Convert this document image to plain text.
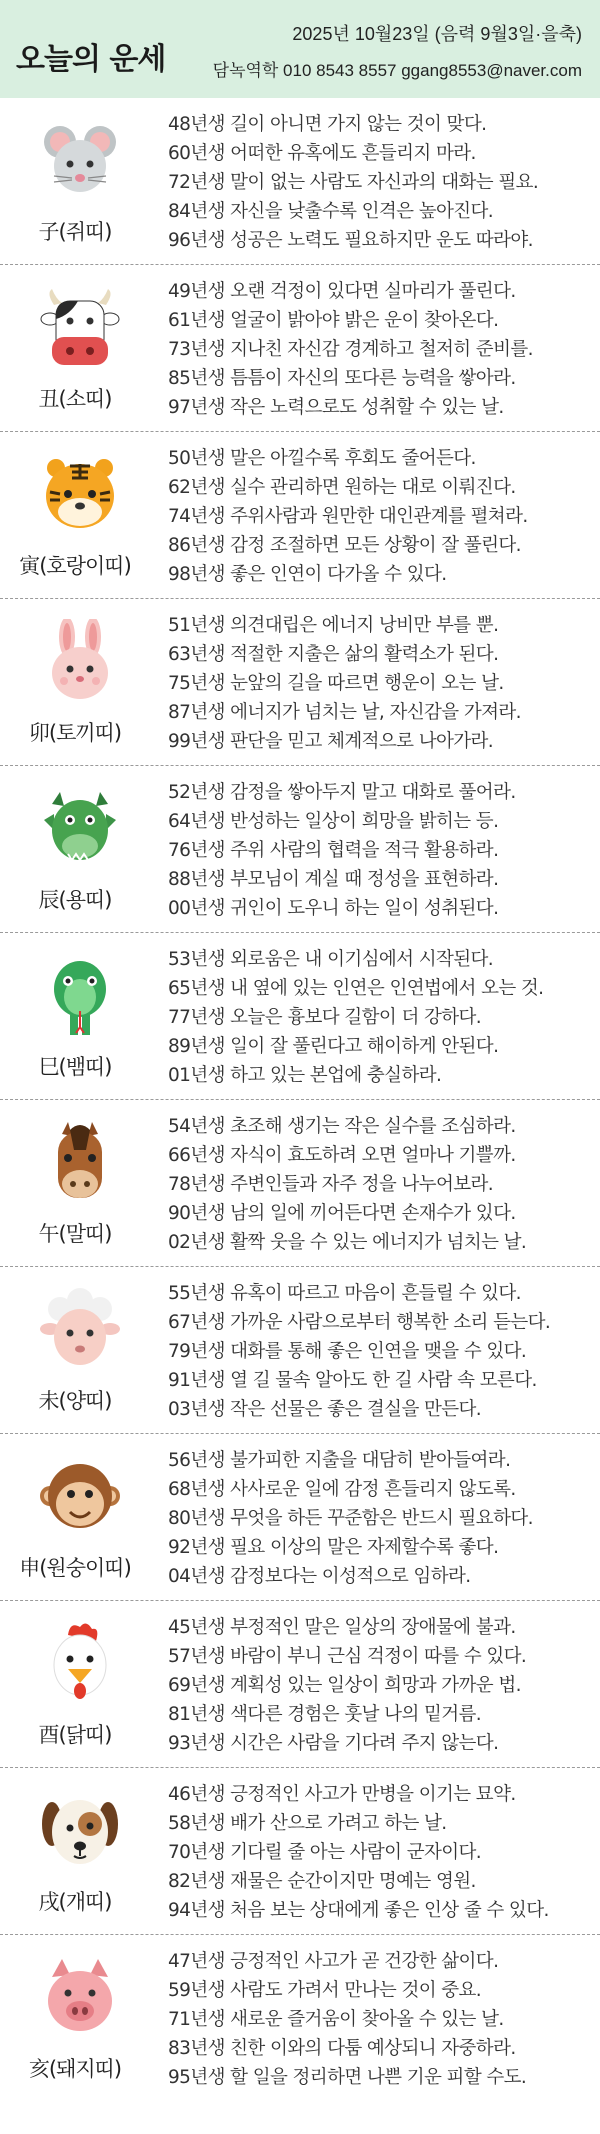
오늘의 운세
2025년 10월23일 (음력 9월3일·을축)
담녹역학 010 8543 8557 ggang8553@naver.com
子(쥐띠)
48년생 길이 아니면 가지 않는 것이 맞다.
60년생 어떠한 유혹에도 흔들리지 마라.
72년생 말이 없는 사람도 자신과의 대화는 필요.
84년생 자신을 낮출수록 인격은 높아진다.
96년생 성공은 노력도 필요하지만 운도 따라야.
丑(소띠)
49년생 오랜 걱정이 있다면 실마리가 풀린다.
61년생 얼굴이 밝아야 밝은 운이 찾아온다.
73년생 지나친 자신감 경계하고 철저히 준비를.
85년생 틈틈이 자신의 또다른 능력을 쌓아라.
97년생 작은 노력으로도 성취할 수 있는 날.
寅(호랑이띠)
50년생 말은 아낄수록 후회도 줄어든다.
62년생 실수 관리하면 원하는 대로 이뤄진다.
74년생 주위사람과 원만한 대인관계를 펼쳐라.
86년생 감정 조절하면 모든 상황이 잘 풀린다.
98년생 좋은 인연이 다가올 수 있다.
卯(토끼띠)
51년생 의견대립은 에너지 낭비만 부를 뿐.
63년생 적절한 지출은 삶의 활력소가 된다.
75년생 눈앞의 길을 따르면 행운이 오는 날.
87년생 에너지가 넘치는 날, 자신감을 가져라.
99년생 판단을 믿고 체계적으로 나아가라.
辰(용띠)
52년생 감정을 쌓아두지 말고 대화로 풀어라.
64년생 반성하는 일상이 희망을 밝히는 등.
76년생 주위 사람의 협력을 적극 활용하라.
88년생 부모님이 계실 때 정성을 표현하라.
00년생 귀인이 도우니 하는 일이 성취된다.
巳(뱀띠)
53년생 외로움은 내 이기심에서 시작된다.
65년생 내 옆에 있는 인연은 인연법에서 오는 것.
77년생 오늘은 흉보다 길함이 더 강하다.
89년생 일이 잘 풀린다고 해이하게 안된다.
01년생 하고 있는 본업에 충실하라.
午(말띠)
54년생 초조해 생기는 작은 실수를 조심하라.
66년생 자식이 효도하려 오면 얼마나 기쁠까.
78년생 주변인들과 자주 정을 나누어보라.
90년생 남의 일에 끼어든다면 손재수가 있다.
02년생 활짝 웃을 수 있는 에너지가 넘치는 날.
未(양띠)
55년생 유혹이 따르고 마음이 흔들릴 수 있다.
67년생 가까운 사람으로부터 행복한 소리 듣는다.
79년생 대화를 통해 좋은 인연을 맺을 수 있다.
91년생 열 길 물속 알아도 한 길 사람 속 모른다.
03년생 작은 선물은 좋은 결실을 만든다.
申(원숭이띠)
56년생 불가피한 지출을 대담히 받아들여라.
68년생 사사로운 일에 감정 흔들리지 않도록.
80년생 무엇을 하든 꾸준함은 반드시 필요하다.
92년생 필요 이상의 말은 자제할수록 좋다.
04년생 감정보다는 이성적으로 임하라.
酉(닭띠)
45년생 부정적인 말은 일상의 장애물에 불과.
57년생 바람이 부니 근심 걱정이 따를 수 있다.
69년생 계획성 있는 일상이 희망과 가까운 법.
81년생 색다른 경험은 훗날 나의 밑거름.
93년생 시간은 사람을 기다려 주지 않는다.
戌(개띠)
46년생 긍정적인 사고가 만병을 이기는 묘약.
58년생 배가 산으로 가려고 하는 날.
70년생 기다릴 줄 아는 사람이 군자이다.
82년생 재물은 순간이지만 명예는 영원.
94년생 처음 보는 상대에게 좋은 인상 줄 수 있다.
亥(돼지띠)
47년생 긍정적인 사고가 곧 건강한 삶이다.
59년생 사람도 가려서 만나는 것이 중요.
71년생 새로운 즐거움이 찾아올 수 있는 날.
83년생 친한 이와의 다툼 예상되니 자중하라.
95년생 할 일을 정리하면 나쁜 기운 피할 수도.
